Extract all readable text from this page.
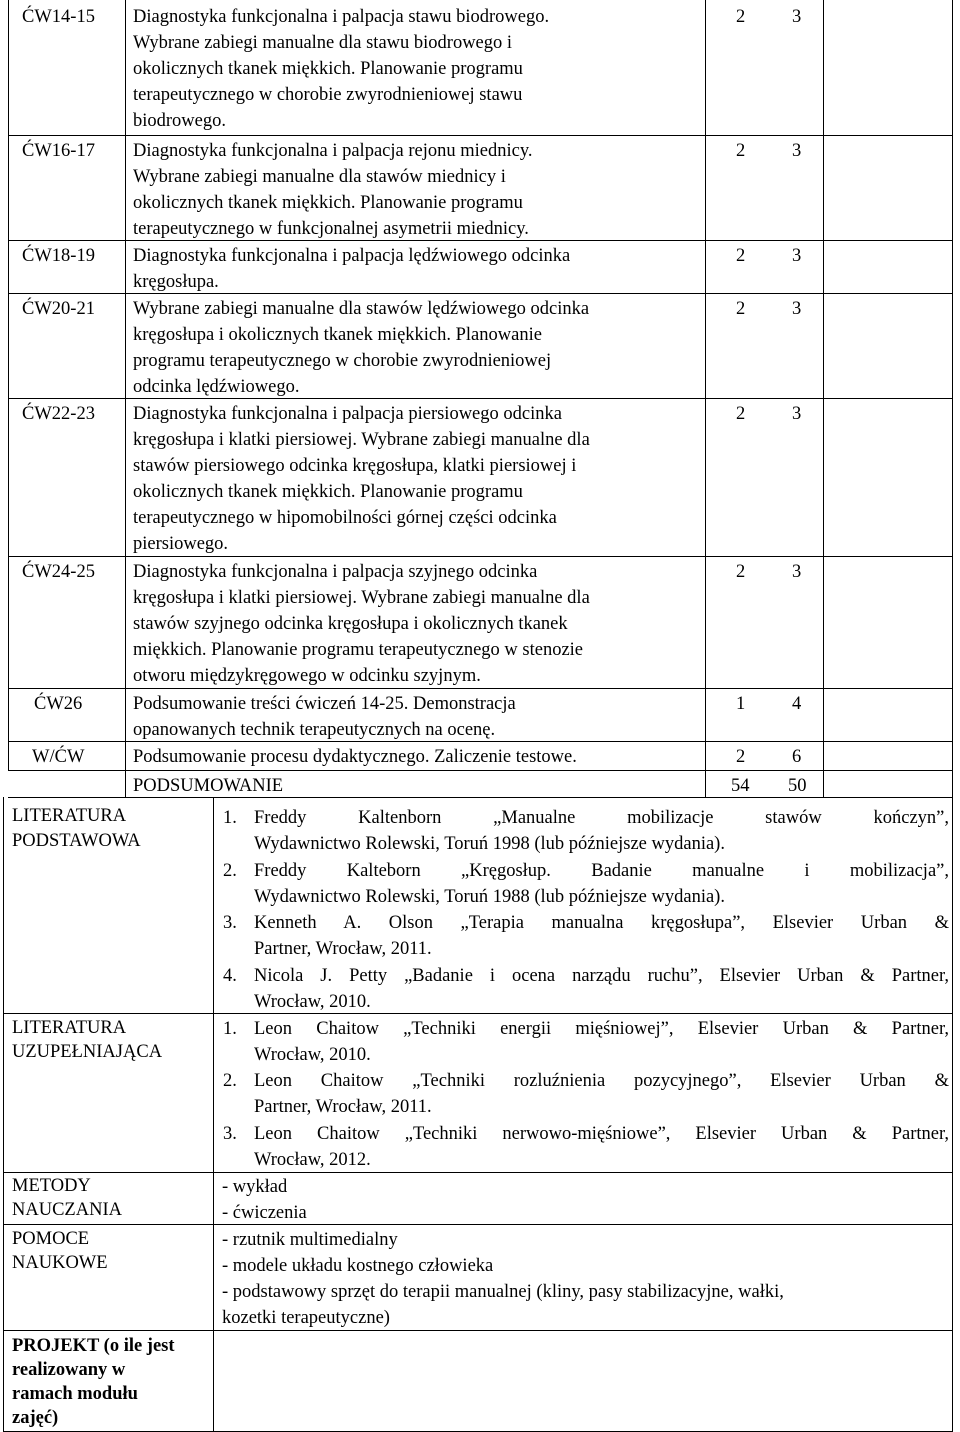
ĆW14-15 Diagnostyka funkcjonalna i palpacja stawu biodrowego.
Wybrane zabiegi manualne dla stawu biodrowego i
okolicznych tkanek miękkich. Planowanie programu
terapeutycznego w chorobie zwyrodnieniowej stawu
biodrowego.
2	3
ĆW16-17 Diagnostyka funkcjonalna i palpacja rejonu miednicy.
Wybrane zabiegi manualne dla stawów miednicy i
okolicznych tkanek miękkich. Planowanie programu
terapeutycznego w funkcjonalnej asymetrii miednicy.
2	3
ĆW18-19 Diagnostyka funkcjonalna i palpacja lędźwiowego odcinka
kręgosłupa.
2	3
ĆW20-21 Wybrane zabiegi manualne dla stawów lędźwiowego odcinka
kręgosłupa i okolicznych tkanek miękkich. Planowanie
programu terapeutycznego w chorobie zwyrodnieniowej
odcinka lędźwiowego.
2	3
ĆW22-23 Diagnostyka funkcjonalna i palpacja piersiowego odcinka
kręgosłupa i klatki piersiowej. Wybrane zabiegi manualne dla
stawów piersiowego odcinka kręgosłupa, klatki piersiowej i
okolicznych tkanek miękkich. Planowanie programu
terapeutycznego w hipomobilności górnej części odcinka
piersiowego.
2	3
ĆW24-25 Diagnostyka funkcjonalna i palpacja szyjnego odcinka
kręgosłupa i klatki piersiowej. Wybrane zabiegi manualne dla
stawów szyjnego odcinka kręgosłupa i okolicznych tkanek
miękkich. Planowanie programu terapeutycznego w stenozie
otworu międzykręgowego w odcinku szyjnym.
2	3
ĆW26	Podsumowanie treści ćwiczeń 14-25. Demonstracja
opanowanych technik terapeutycznych na ocenę.
1	4
W/ĆW	Podsumowanie procesu dydaktycznego. Zaliczenie testowe.	2	6
PODSUMOWANIE	54 50
LITERATURA
PODSTAWOWA
1. Freddy Kaltenborn „Manualne mobilizacje stawów kończyn”,
Wydawnictwo Rolewski, Toruń 1998 (lub późniejsze wydania).
2. Freddy Kalteborn „Kręgosłup. Badanie manualne i mobilizacja”,
Wydawnictwo Rolewski, Toruń 1988 (lub późniejsze wydania).
3. Kenneth A. Olson „Terapia manualna kręgosłupa”, Elsevier Urban &
Partner, Wrocław, 2011.
4. Nicola J. Petty „Badanie i ocena narządu ruchu”, Elsevier Urban & Partner,
Wrocław, 2010.
LITERATURA
UZUPEŁNIAJĄCA
1. Leon Chaitow „Techniki energii mięśniowej”, Elsevier Urban & Partner,
Wrocław, 2010.
2. Leon Chaitow „Techniki rozluźnienia pozycyjnego”, Elsevier Urban &
Partner, Wrocław, 2011.
3. Leon Chaitow „Techniki nerwowo-mięśniowe”, Elsevier Urban & Partner,
Wrocław, 2012.
METODY
NAUCZANIA
- wykład
- ćwiczenia
POMOCE
NAUKOWE
- rzutnik multimedialny
- modele układu kostnego człowieka
- podstawowy sprzęt do terapii manualnej (kliny, pasy stabilizacyjne, wałki,
kozetki terapeutyczne)
PROJEKT (o ile jest
realizowany w
ramach modułu
zajęć)
